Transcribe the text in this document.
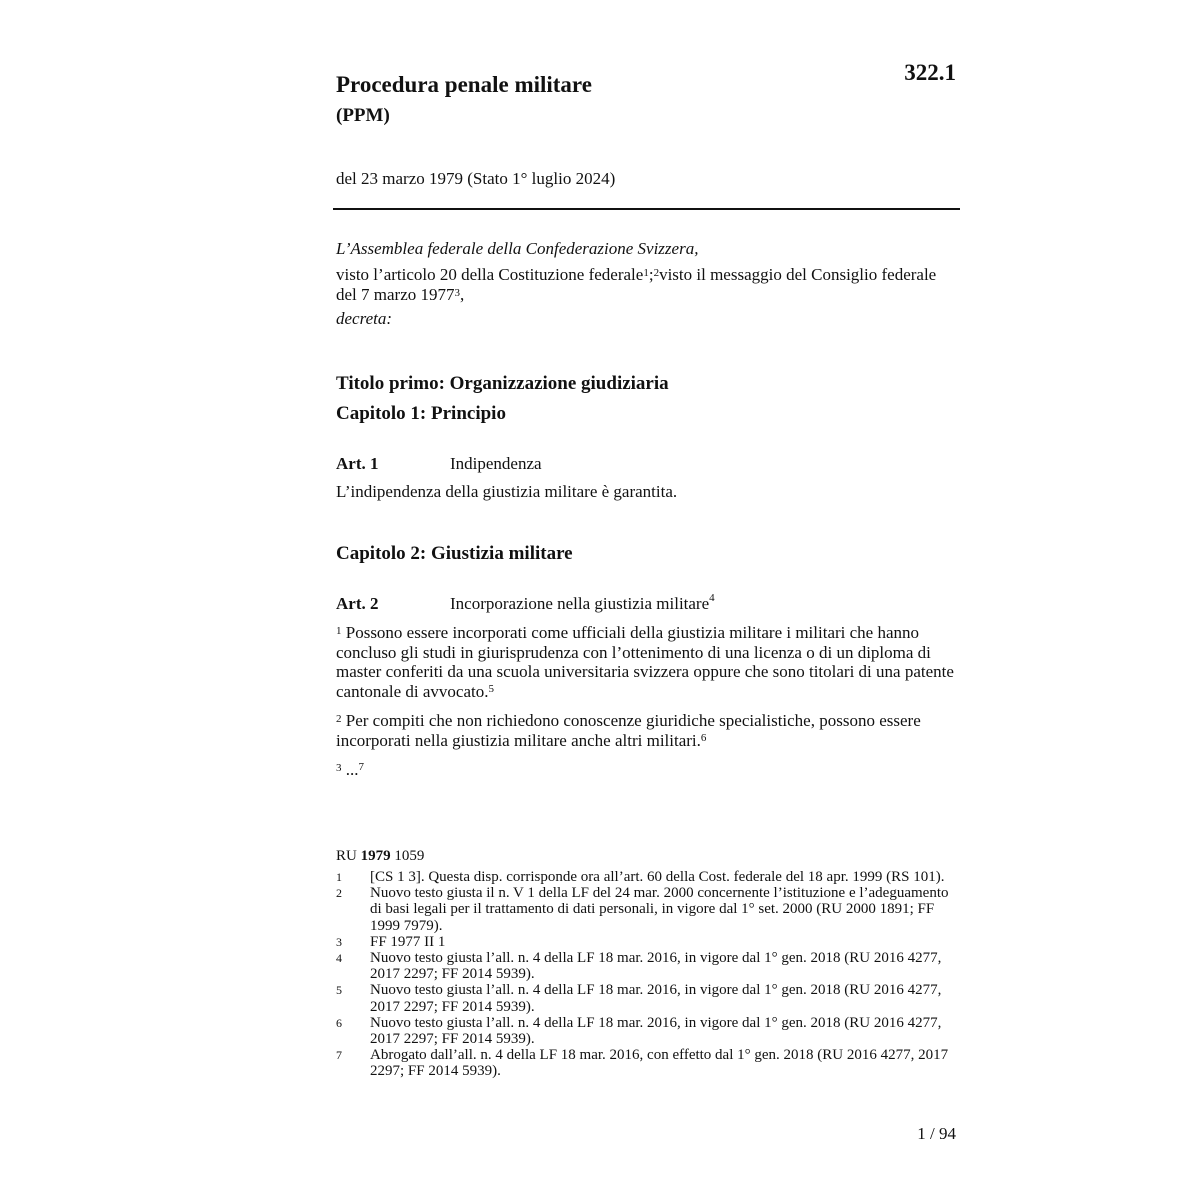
322.1
Procedura penale militare
(PPM)
del 23 marzo 1979 (Stato 1° luglio 2024)
L’Assemblea federale della Confederazione Svizzera,
visto l’articolo 20 della Costituzione federale$^1$;$^2$visto il messaggio del Consiglio federale del 7 marzo 1977$^3$,
decreta:
Titolo primo: Organizzazione giudiziaria
Capitolo 1: Principio
Art. 1	Indipendenza
L’indipendenza della giustizia militare è garantita.
Capitolo 2: Giustizia militare
Art. 2	Incorporazione nella giustizia militare$^4$
$^1$ Possono essere incorporati come ufficiali della giustizia militare i militari che hanno concluso gli studi in giurisprudenza con l’ottenimento di una licenza o di un diploma di master conferiti da una scuola universitaria svizzera oppure che sono titolari di una patente cantonale di avvocato.$^5$
$^2$ Per compiti che non richiedono conoscenze giuridiche specialistiche, possono essere incorporati nella giustizia militare anche altri militari.$^6$
$^3$ ...$^7$
RU 1979 1059
1	[CS 1 3]. Questa disp. corrisponde ora all’art. 60 della Cost. federale del 18 apr. 1999 (RS 101).
2	Nuovo testo giusta il n. V 1 della LF del 24 mar. 2000 concernente l’istituzione e l’adeguamento di basi legali per il trattamento di dati personali, in vigore dal 1° set. 2000 (RU 2000 1891; FF 1999 7979).
3	FF 1977 II 1
4	Nuovo testo giusta l’all. n. 4 della LF 18 mar. 2016, in vigore dal 1° gen. 2018 (RU 2016 4277, 2017 2297; FF 2014 5939).
5	Nuovo testo giusta l’all. n. 4 della LF 18 mar. 2016, in vigore dal 1° gen. 2018 (RU 2016 4277, 2017 2297; FF 2014 5939).
6	Nuovo testo giusta l’all. n. 4 della LF 18 mar. 2016, in vigore dal 1° gen. 2018 (RU 2016 4277, 2017 2297; FF 2014 5939).
7	Abrogato dall’all. n. 4 della LF 18 mar. 2016, con effetto dal 1° gen. 2018 (RU 2016 4277, 2017 2297; FF 2014 5939).
1 / 94
